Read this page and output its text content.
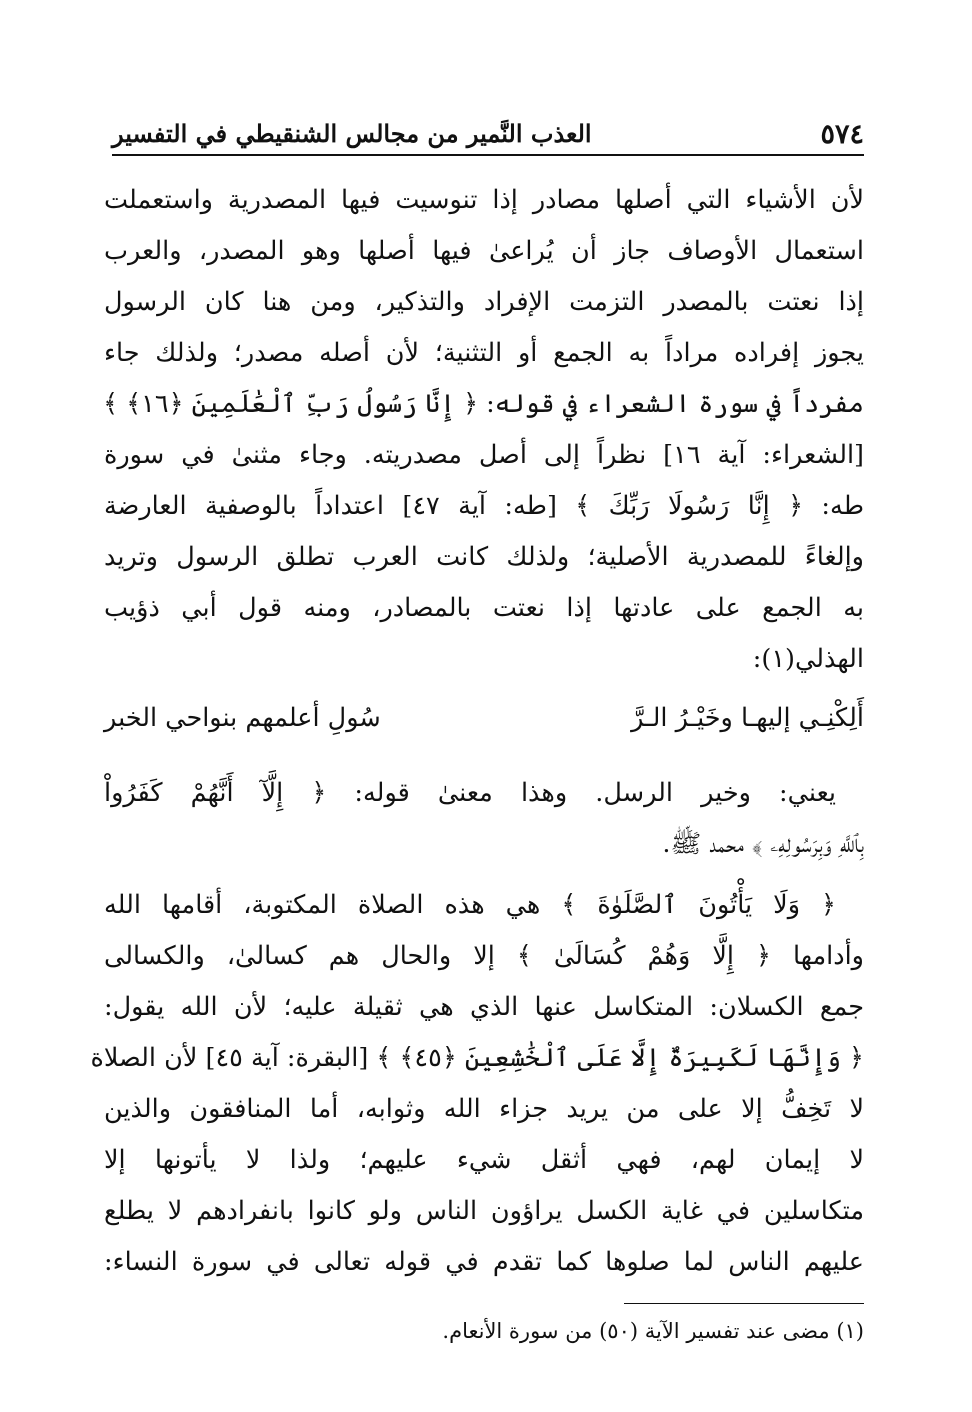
٥٧٤
العذب النَّمير من مجالس الشنقيطي في التفسير
لأن الأشياء التي أصلها مصادر إذا تنوسيت فيها المصدرية واستعملت
استعمال الأوصاف جاز أن يُراعىٰ فيها أصلها وهو المصدر، والعرب
إذا نعتت بالمصدر التزمت الإفراد والتذكير، ومن هنا كان الرسول
يجوز إفراده مراداً به الجمع أو التثنية؛ لأن أصله مصدر؛ ولذلك جاء
مفرداً في سورة الشعراء في قوله: ﴿ إِنَّا رَسُولُ رَبِّ ٱلْعَٰلَمِينَ ﴿١٦﴾ ﴾
[الشعراء: آية ١٦] نظراً إلى أصل مصدريته. وجاء مثنىٰ في سورة
طه: ﴿ إِنَّا رَسُولَا رَبِّكَ ﴾ [طه: آية ٤٧] اعتداداً بالوصفية العارضة
وإلغاءً للمصدرية الأصلية؛ ولذلك كانت العرب تطلق الرسول وتريد
به الجمع على عادتها إذا نعتت بالمصادر، ومنه قول أبي ذؤيب
الهذلي(١):
أَلِكْنِـي إليهـا وخَيْـرُ الـرَّ
سُولِ أعلمهم بنواحي الخبر
يعني: وخير الرسل. وهذا معنىٰ قوله: ﴿ إِلَّآ أَنَّهُمْ كَفَرُواْ
بِٱللَّهِ وَبِرَسُولِهِۦ ﴾ محمد ﷺ.
﴿ وَلَا يَأْتُونَ ٱلصَّلَوٰةَ ﴾ هي هذه الصلاة المكتوبة، أقامها الله
وأدامها ﴿ إِلَّا وَهُمْ كُسَالَىٰ ﴾ إلا والحال هم كسالىٰ، والكسالى
جمع الكسلان: المتكاسل عنها الذي هي ثقيلة عليه؛ لأن الله يقول:
﴿ وَإِنَّهَا لَكَبِيرَةٌ إِلَّا عَلَى ٱلْخَٰشِعِينَ ﴿٤٥﴾ ﴾ [البقرة: آية ٤٥] لأن الصلاة
لا تَخِفُّ إلا على من يريد جزاء الله وثوابه، أما المنافقون والذين
لا إيمان لهم، فهي أثقل شيء عليهم؛ ولذا لا يأتونها إلا
متكاسلين في غاية الكسل يراؤون الناس ولو كانوا بانفرادهم لا يطلع
عليهم الناس لما صلوها كما تقدم في قوله تعالى في سورة النساء:
(١) مضى عند تفسير الآية (٥٠) من سورة الأنعام.
